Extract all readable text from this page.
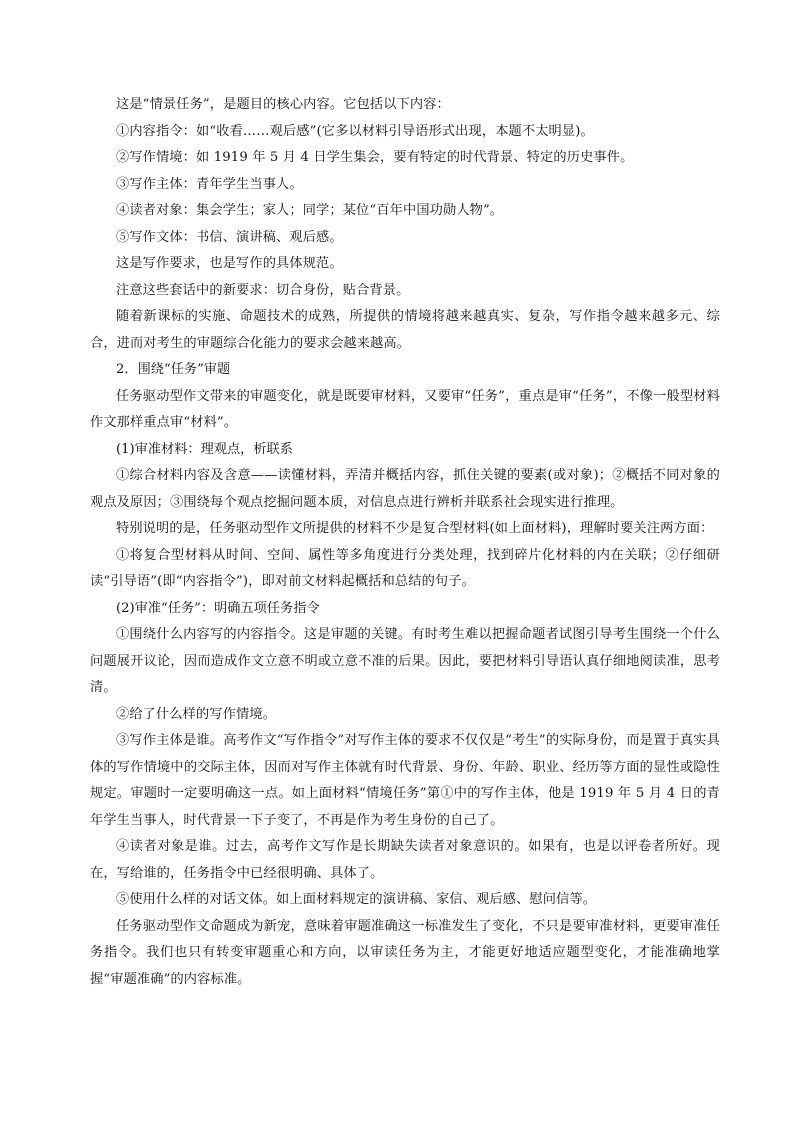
这是“情景任务”，是题目的核心内容。它包括以下内容：

①内容指令：如“收看……观后感”(它多以材料引导语形式出现，本题不太明显)。

②写作情境：如 1919 年 5 月 4 日学生集会，要有特定的时代背景、特定的历史事件。

③写作主体：青年学生当事人。

④读者对象：集会学生；家人；同学；某位“百年中国功勋人物”。

⑤写作文体：书信、演讲稿、观后感。

这是写作要求，也是写作的具体规范。

注意这些套话中的新要求：切合身份，贴合背景。

随着新课标的实施、命题技术的成熟，所提供的情境将越来越真实、复杂，写作指令越来越多元、综合，进而对考生的审题综合化能力的要求会越来越高。

2．围绕“任务”审题

任务驱动型作文带来的审题变化，就是既要审材料，又要审“任务”，重点是审“任务”，不像一般型材料作文那样重点审“材料”。

(1)审准材料：理观点，析联系

①综合材料内容及含意——读懂材料，弄清并概括内容，抓住关键的要素(或对象)；②概括不同对象的观点及原因；③围绕每个观点挖掘问题本质，对信息点进行辨析并联系社会现实进行推理。

特别说明的是，任务驱动型作文所提供的材料不少是复合型材料(如上面材料)，理解时要关注两方面：

①将复合型材料从时间、空间、属性等多角度进行分类处理，找到碎片化材料的内在关联；②仔细研读“引导语”(即“内容指令”)，即对前文材料起概括和总结的句子。

(2)审准“任务”：明确五项任务指令

①围绕什么内容写的内容指令。这是审题的关键。有时考生难以把握命题者试图引导考生围绕一个什么问题展开议论，因而造成作文立意不明或立意不准的后果。因此，要把材料引导语认真仔细地阅读准，思考清。

②给了什么样的写作情境。

③写作主体是谁。高考作文“写作指令”对写作主体的要求不仅仅是“考生”的实际身份，而是置于真实具体的写作情境中的交际主体，因而对写作主体就有时代背景、身份、年龄、职业、经历等方面的显性或隐性规定。审题时一定要明确这一点。如上面材料“情境任务”第①中的写作主体，他是 1919 年 5 月 4 日的青年学生当事人，时代背景一下子变了，不再是作为考生身份的自己了。

④读者对象是谁。过去，高考作文写作是长期缺失读者对象意识的。如果有，也是以评卷者所好。现在，写给谁的，任务指令中已经很明确、具体了。

⑤使用什么样的对话文体。如上面材料规定的演讲稿、家信、观后感、慰问信等。

任务驱动型作文命题成为新宠，意味着审题准确这一标准发生了变化，不只是要审准材料，更要审准任务指令。我们也只有转变审题重心和方向，以审读任务为主，才能更好地适应题型变化，才能准确地掌握“审题准确”的内容标准。
